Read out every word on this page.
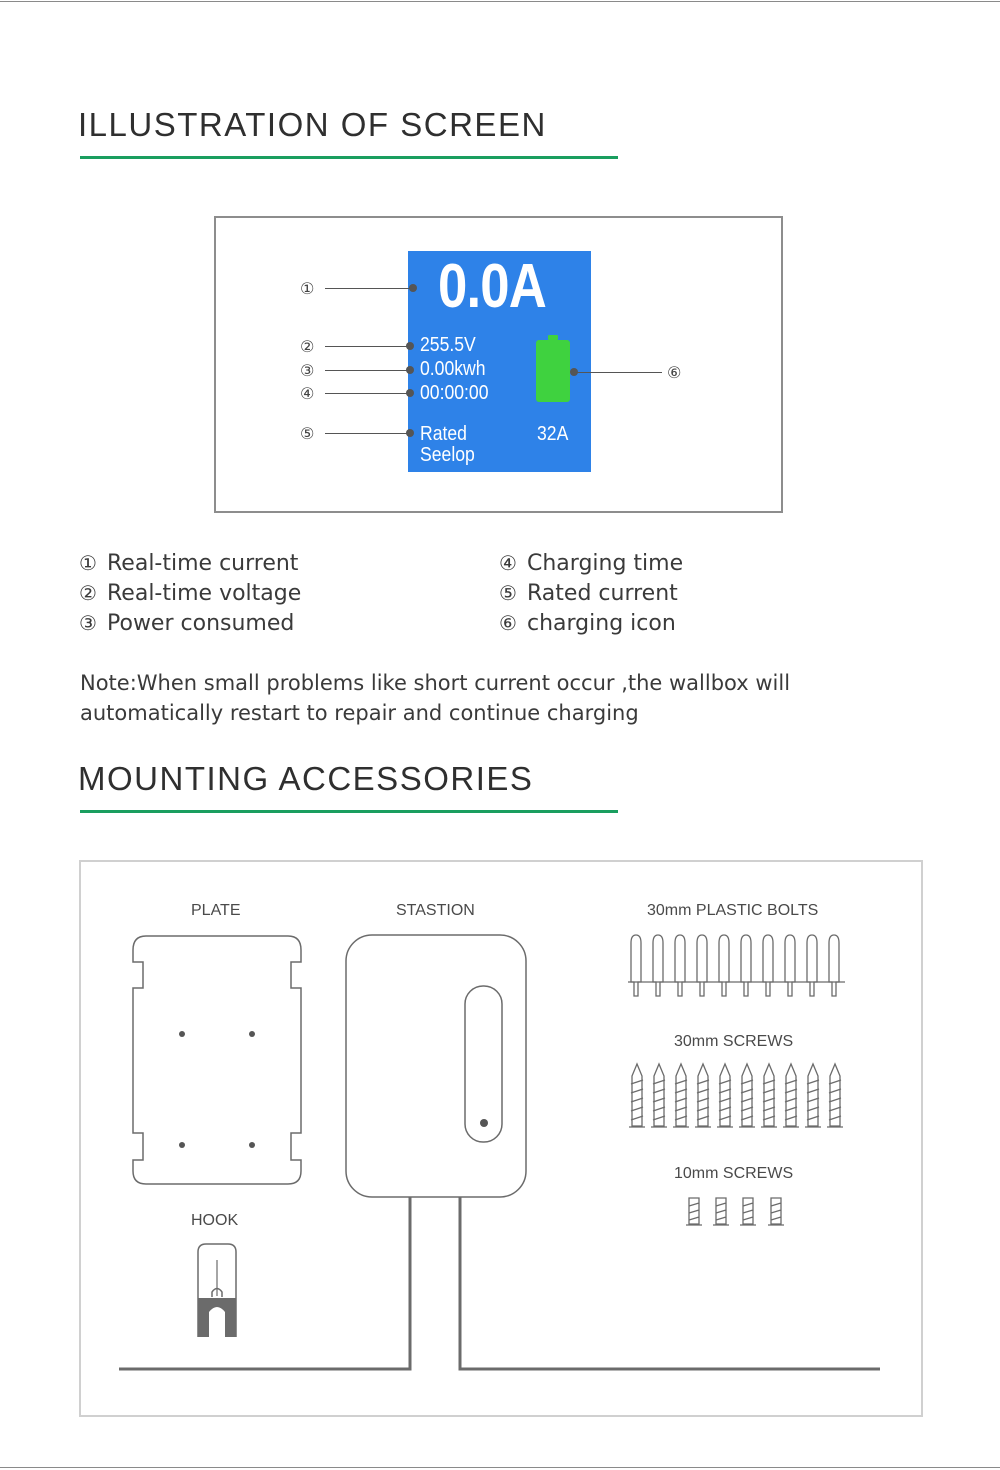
ILLUSTRATION OF SCREEN
0.0A
255.5V
0.00kwh
00:00:00
Rated
Seelop
32A
①
②
③
④
⑤
⑥
① Real-time current
② Real-time voltage
③ Power consumed
④ Charging time
⑤ Rated current
⑥ charging icon
Note:When small problems like short current occur ,the wallbox will automatically restart to repair and continue charging
MOUNTING ACCESSORIES
PLATE	STASTION	30mm PLASTIC BOLTS
30mm SCREWS
10mm SCREWS
HOOK
